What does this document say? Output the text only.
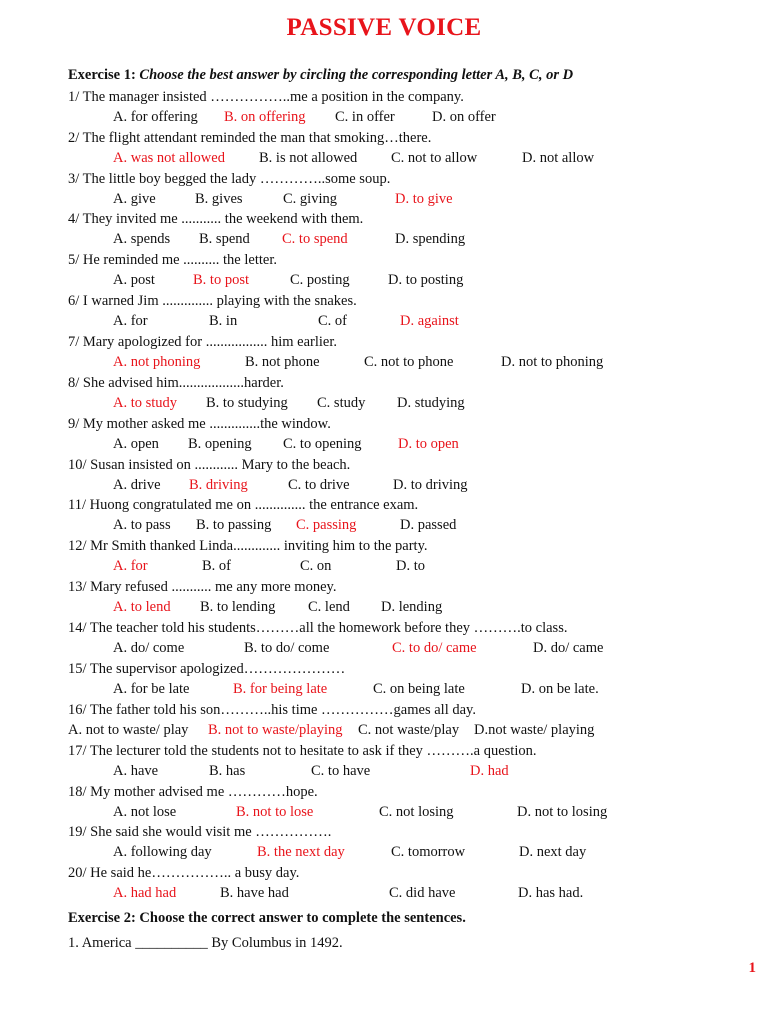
PASSIVE VOICE
Exercise 1: Choose the best answer by circling the corresponding letter A, B, C, or D
1/ The manager insisted ……………..me a position in the company.
A. for offering B. on offering C. in offer	D. on offer
2/ The flight attendant reminded the man that smoking…there.
A. was not allowed B. is not allowed C. not to allow	D. not allow
3/ The little boy begged the lady …………..some soup.
A. give	B. gives	C. giving	D. to give
4/ They invited me ........... the weekend with them.
A. spends B. spend C. to spend	D. spending
5/ He reminded me .......... the letter.
A. post	B. to post	C. posting	D. to posting
6/ I warned Jim .............. playing with the snakes.
A. for	B. in	C. of	D. against
7/ Mary apologized for ................. him earlier.
A. not phoning	B. not phone	C. not to phone	D. not to phoning
8/ She advised him..................harder.
A. to study B. to studying C. study D. studying
9/ My mother asked me ..............the window.
A. open B. opening C. to opening	D. to open
10/ Susan insisted on ............ Mary to the beach.
A. drive B. driving	C. to drive	D. to driving
11/ Huong congratulated me on .............. the entrance exam.
A. to pass B. to passing C. passing	D. passed
12/ Mr Smith thanked Linda............. inviting him to the party.
A. for	B. of	C. on	D. to
13/ Mary refused ........... me any more money.
A. to lend B. to lending C. lend D. lending
14/ The teacher told his students………all the homework before they ……….to class.
A. do/ come	B. to do/ come	C. to do/ came	D. do/ came
15/ The supervisor apologized…………………
A. for be late	B. for being late	C. on being late	D. on be late.
16/ The father told his son………..his time ……………games all day.
A. not to waste/ play B. not to waste/playing C. not waste/play D.not waste/ playing
17/ The lecturer told the students not to hesitate to ask if they ……….a question.
A. have	B. has	C. to have	D. had
18/ My mother advised me …………hope.
A. not lose	B. not to lose	C. not losing	D. not to losing
19/ She said she would visit me …………….
A. following day	B. the next day	C. tomorrow	D. next day
20/ He said he…………….. a busy day.
A. had had	B. have had	C. did have	D. has had.
Exercise 2: Choose the correct answer to complete the sentences.
1. America __________ By Columbus in 1492.
1
